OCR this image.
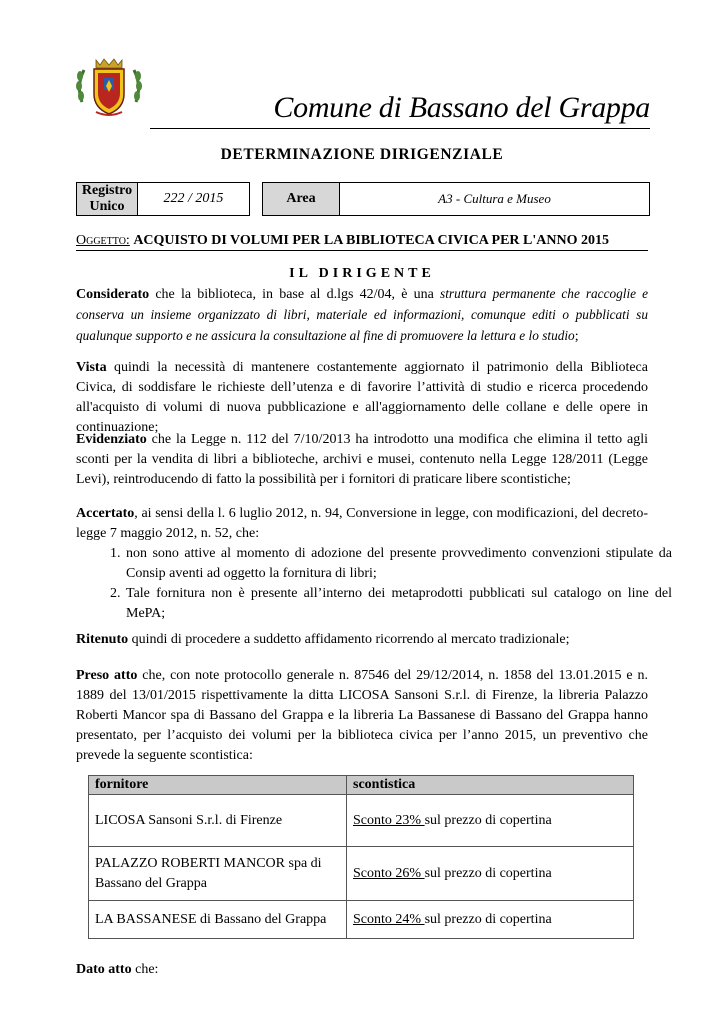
Comune di Bassano del Grappa
DETERMINAZIONE DIRIGENZIALE
Registro Unico
222 / 2015	Area	A3 - Cultura e Museo
Oggetto: ACQUISTO DI VOLUMI PER LA BIBLIOTECA CIVICA PER L'ANNO 2015
IL DIRIGENTE
Considerato che la biblioteca, in base al d.lgs 42/04, è una struttura permanente che raccoglie e conserva un insieme organizzato di libri, materiale ed informazioni, comunque editi o pubblicati su qualunque supporto e ne assicura la consultazione al fine di promuovere la lettura e lo studio;
Vista quindi la necessità di mantenere costantemente aggiornato il patrimonio della Biblioteca Civica, di soddisfare le richieste dell’utenza e di favorire l’attività di studio e ricerca procedendo all'acquisto di volumi di nuova pubblicazione e all'aggiornamento delle collane e delle opere in continuazione;
Evidenziato che la Legge n. 112 del 7/10/2013 ha introdotto una modifica che elimina il tetto agli sconti per la vendita di libri a biblioteche, archivi e musei, contenuto nella Legge 128/2011 (Legge Levi), reintroducendo di fatto la possibilità per i fornitori di praticare libere scontistiche;
Accertato, ai sensi della l. 6 luglio 2012, n. 94, Conversione in legge, con modificazioni, del decreto-legge 7 maggio 2012, n. 52, che:
1. non sono attive al momento di adozione del presente provvedimento convenzioni stipulate da Consip aventi ad oggetto la fornitura di libri;
2. Tale fornitura non è presente all’interno dei metaprodotti pubblicati sul catalogo on line del MePA;
Ritenuto quindi di procedere a suddetto affidamento ricorrendo al mercato tradizionale;
Preso atto che, con note protocollo generale n. 87546 del 29/12/2014, n. 1858 del 13.01.2015 e n. 1889 del 13/01/2015 rispettivamente la ditta LICOSA Sansoni S.r.l. di Firenze, la libreria Palazzo Roberti Mancor spa di Bassano del Grappa e la libreria La Bassanese di Bassano del Grappa hanno presentato, per l’acquisto dei volumi per la biblioteca civica per l’anno 2015, un preventivo che prevede la seguente scontistica:
fornitore	scontistica
LICOSA Sansoni S.r.l. di Firenze	Sconto 23% sul prezzo di copertina
PALAZZO ROBERTI MANCOR spa di Bassano del Grappa	Sconto 26% sul prezzo di copertina
LA BASSANESE di Bassano del Grappa	Sconto 24% sul prezzo di copertina
Dato atto che:
